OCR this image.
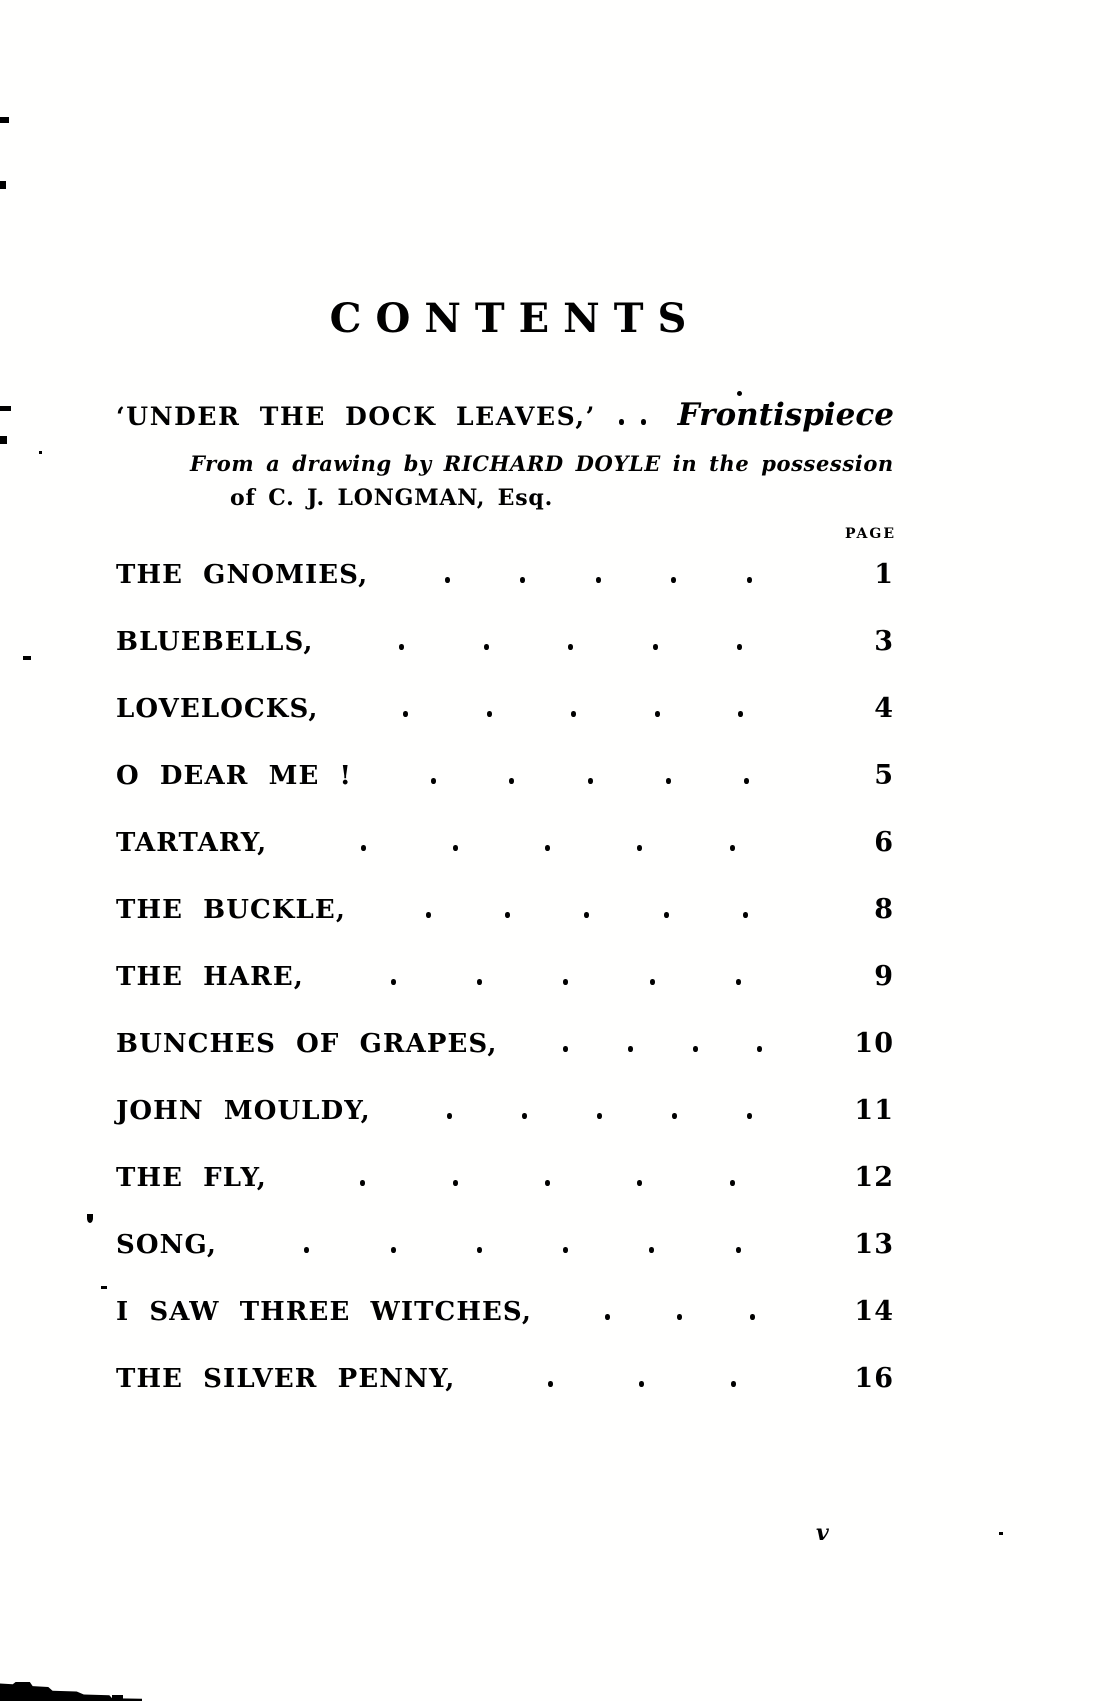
CONTENTS
‘UNDER THE DOCK LEAVES,’	Frontispiece
From a drawing by RICHARD DOYLE in the possession
of C. J. LONGMAN, Esq.
PAGE
THE GNOMIES,	1
BLUEBELLS,	3
LOVELOCKS,	4
O DEAR ME !	5
TARTARY,	6
THE BUCKLE,	8
THE HARE,	9
BUNCHES OF GRAPES,	10
JOHN MOULDY,	11
THE FLY,	12
SONG,	13
I SAW THREE WITCHES,	14
THE SILVER PENNY,	16
v
